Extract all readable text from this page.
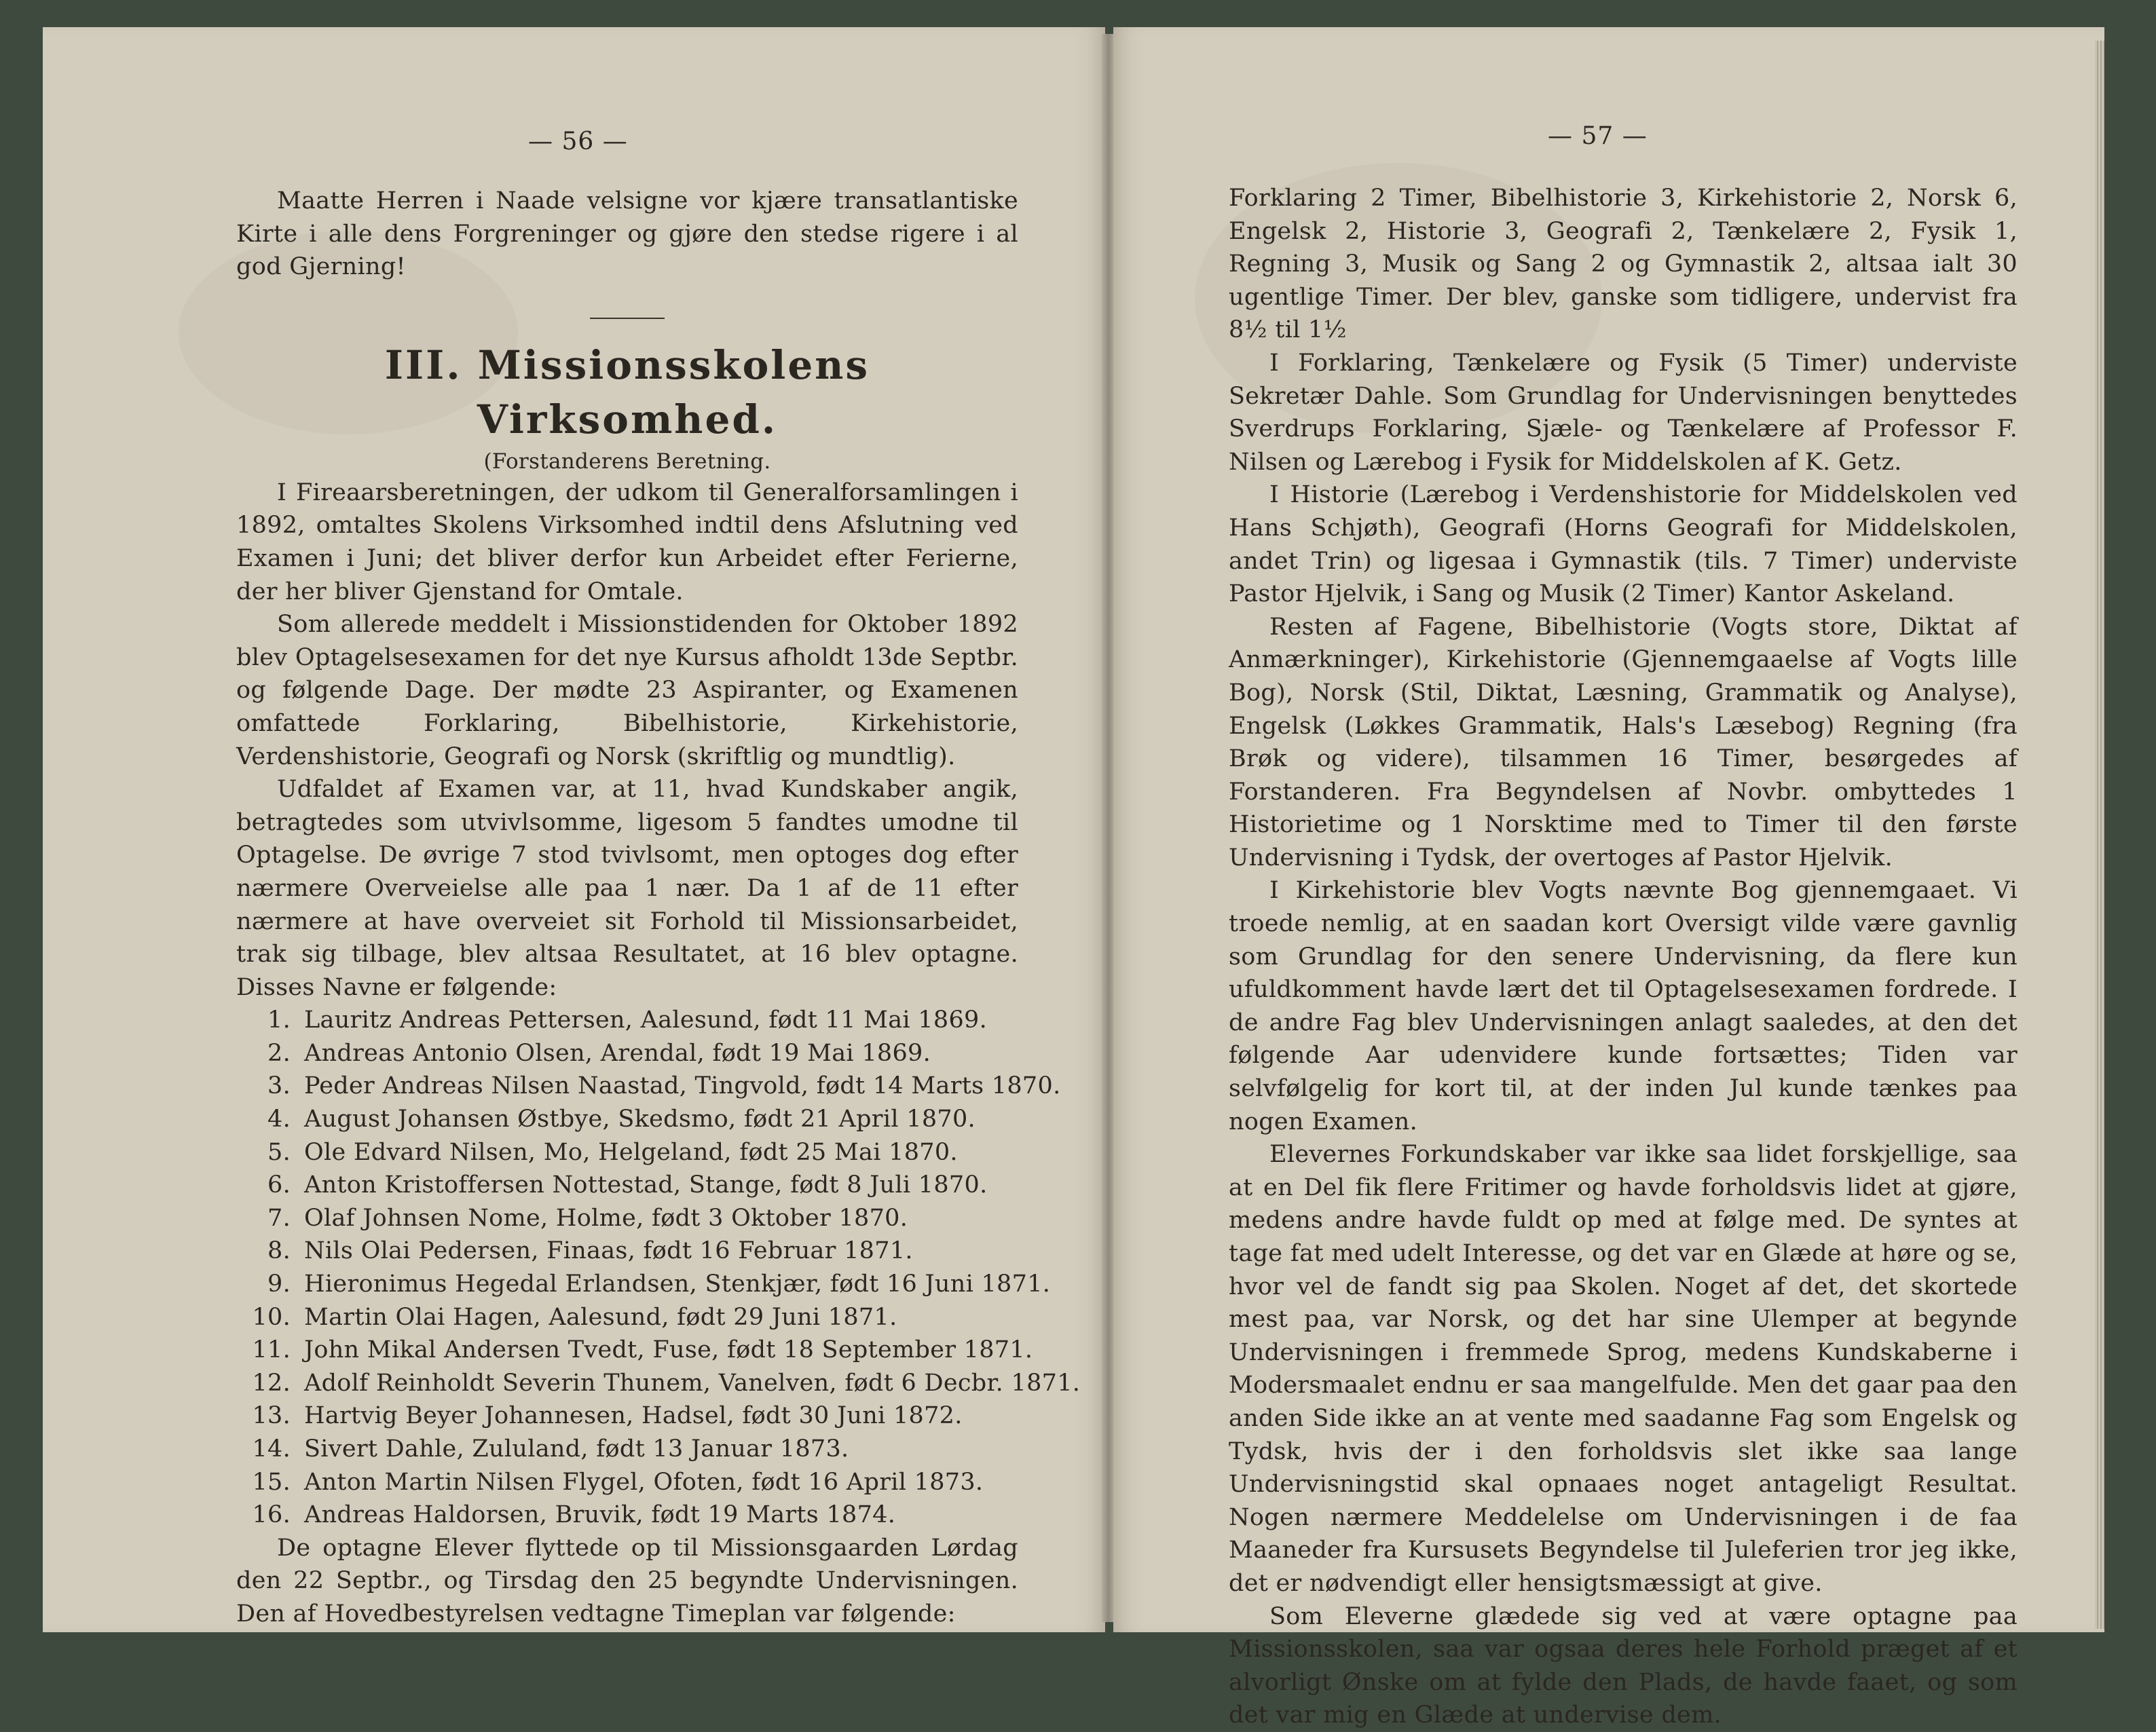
— 56 —

Maatte Herren i Naade velsigne vor kjære transatlantiske Kirte i alle dens Forgreninger og gjøre den stedse rigere i al god Gjerning!

III. Missionsskolens Virksomhed.
(Forstanderens Beretning.

I Fireaarsberetningen, der udkom til Generalforsamlingen i 1892, omtaltes Skolens Virksomhed indtil dens Afslutning ved Examen i Juni; det bliver derfor kun Arbeidet efter Ferierne, der her bliver Gjenstand for Omtale.

Som allerede meddelt i Missionstidenden for Oktober 1892 blev Optagelsesexamen for det nye Kursus afholdt 13de Septbr. og følgende Dage. Der mødte 23 Aspiranter, og Examenen omfattede Forklaring, Bibelhistorie, Kirkehistorie, Verdenshistorie, Geografi og Norsk (skriftlig og mundtlig).

Udfaldet af Examen var, at 11, hvad Kundskaber angik, betragtedes som utvivlsomme, ligesom 5 fandtes umodne til Optagelse. De øvrige 7 stod tvivlsomt, men optoges dog efter nærmere Overveielse alle paa 1 nær. Da 1 af de 11 efter nærmere at have overveiet sit Forhold til Missionsarbeidet, trak sig tilbage, blev altsaa Resultatet, at 16 blev optagne. Disses Navne er følgende:

1. Lauritz Andreas Pettersen, Aalesund, født 11 Mai 1869.
2. Andreas Antonio Olsen, Arendal, født 19 Mai 1869.
3. Peder Andreas Nilsen Naastad, Tingvold, født 14 Marts 1870.
4. August Johansen Østbye, Skedsmo, født 21 April 1870.
5. Ole Edvard Nilsen, Mo, Helgeland, født 25 Mai 1870.
6. Anton Kristoffersen Nottestad, Stange, født 8 Juli 1870.
7. Olaf Johnsen Nome, Holme, født 3 Oktober 1870.
8. Nils Olai Pedersen, Finaas, født 16 Februar 1871.
9. Hieronimus Hegedal Erlandsen, Stenkjær, født 16 Juni 1871.
10. Martin Olai Hagen, Aalesund, født 29 Juni 1871.
11. John Mikal Andersen Tvedt, Fuse, født 18 September 1871.
12. Adolf Reinholdt Severin Thunem, Vanelven, født 6 Decbr. 1871.
13. Hartvig Beyer Johannesen, Hadsel, født 30 Juni 1872.
14. Sivert Dahle, Zululand, født 13 Januar 1873.
15. Anton Martin Nilsen Flygel, Ofoten, født 16 April 1873.
16. Andreas Haldorsen, Bruvik, født 19 Marts 1874.

De optagne Elever flyttede op til Missionsgaarden Lørdag den 22 Septbr., og Tirsdag den 25 begyndte Undervisningen. Den af Hovedbestyrelsen vedtagne Timeplan var følgende:

— 57 —

Forklaring 2 Timer, Bibelhistorie 3, Kirkehistorie 2, Norsk 6, Engelsk 2, Historie 3, Geografi 2, Tænkelære 2, Fysik 1, Regning 3, Musik og Sang 2 og Gymnastik 2, altsaa ialt 30 ugentlige Timer. Der blev, ganske som tidligere, undervist fra 8½ til 1½

I Forklaring, Tænkelære og Fysik (5 Timer) underviste Sekretær Dahle. Som Grundlag for Undervisningen benyttedes Sverdrups Forklaring, Sjæle- og Tænkelære af Professor F. Nilsen og Lærebog i Fysik for Middelskolen af K. Getz.

I Historie (Lærebog i Verdenshistorie for Middelskolen ved Hans Schjøth), Geografi (Horns Geografi for Middelskolen, andet Trin) og ligesaa i Gymnastik (tils. 7 Timer) underviste Pastor Hjelvik, i Sang og Musik (2 Timer) Kantor Askeland.

Resten af Fagene, Bibelhistorie (Vogts store, Diktat af Anmærkninger), Kirkehistorie (Gjennemgaaelse af Vogts lille Bog), Norsk (Stil, Diktat, Læsning, Grammatik og Analyse), Engelsk (Løkkes Grammatik, Hals's Læsebog) Regning (fra Brøk og videre), tilsammen 16 Timer, besørgedes af Forstanderen. Fra Begyndelsen af Novbr. ombyttedes 1 Historietime og 1 Norsktime med to Timer til den første Undervisning i Tydsk, der overtoges af Pastor Hjelvik.

I Kirkehistorie blev Vogts nævnte Bog gjennemgaaet. Vi troede nemlig, at en saadan kort Oversigt vilde være gavnlig som Grundlag for den senere Undervisning, da flere kun ufuldkomment havde lært det til Optagelsesexamen fordrede. I de andre Fag blev Undervisningen anlagt saaledes, at den det følgende Aar udenvidere kunde fortsættes; Tiden var selvfølgelig for kort til, at der inden Jul kunde tænkes paa nogen Examen.

Elevernes Forkundskaber var ikke saa lidet forskjellige, saa at en Del fik flere Fritimer og havde forholdsvis lidet at gjøre, medens andre havde fuldt op med at følge med. De syntes at tage fat med udelt Interesse, og det var en Glæde at høre og se, hvor vel de fandt sig paa Skolen. Noget af det, det skortede mest paa, var Norsk, og det har sine Ulemper at begynde Undervisningen i fremmede Sprog, medens Kundskaberne i Modersmaalet endnu er saa mangelfulde. Men det gaar paa den anden Side ikke an at vente med saadanne Fag som Engelsk og Tydsk, hvis der i den forholdsvis slet ikke saa lange Undervisningstid skal opnaaes noget antageligt Resultat. Nogen nærmere Meddelelse om Undervisningen i de faa Maaneder fra Kursusets Begyndelse til Juleferien tror jeg ikke, det er nødvendigt eller hensigtsmæssigt at give.

Som Eleverne glædede sig ved at være optagne paa Missionsskolen, saa var ogsaa deres hele Forhold præget af et alvorligt Ønske om at fylde den Plads, de havde faaet, og som det var mig en Glæde at undervise dem.
